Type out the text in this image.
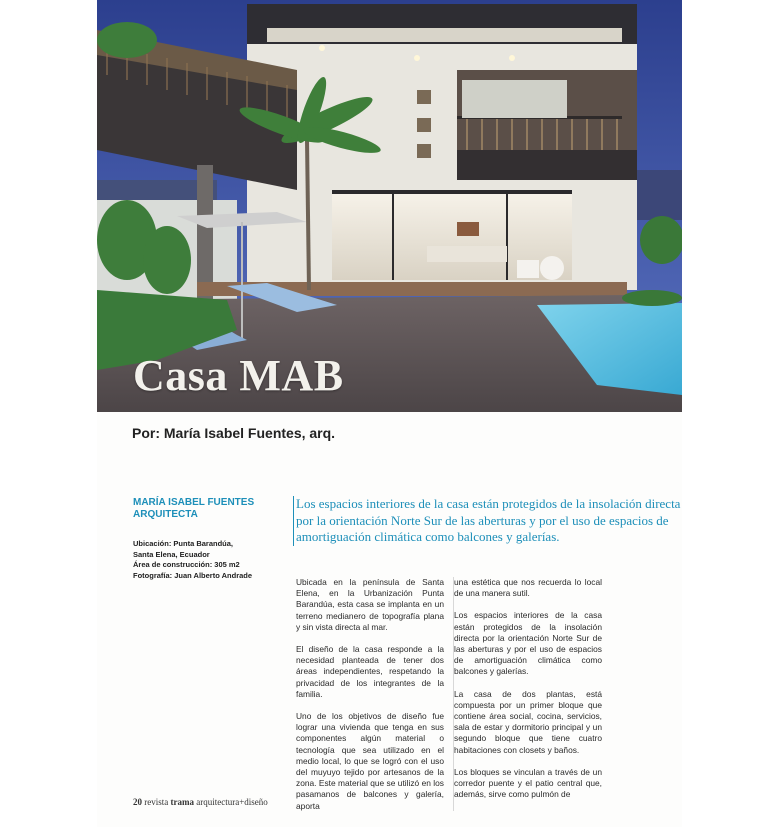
Casa MAB
Por: María Isabel Fuentes, arq.
MARÍA ISABEL FUENTES
ARQUITECTA
Ubicación: Punta Barandúa,
Santa Elena, Ecuador
Área de construcción: 305 m2
Fotografía: Juan Alberto Andrade
Los espacios interiores de la casa están protegidos de la insolación directa
por la orientación Norte Sur de las aberturas y por el uso de espacios de
amortiguación climática como balcones y galerías.

Ubicada en la península de Santa Elena, en la Urbanización Punta Barandúa, esta casa se implanta en un terreno medianero de topografía plana y sin vista directa al mar.

El diseño de la casa responde a la necesidad planteada de tener dos áreas independientes, respetando la privacidad de los integrantes de la familia.

Uno de los objetivos de diseño fue lograr una vivienda que tenga en sus componentes algún material o tecnología que sea utilizado en el medio local, lo que se logró con el uso del muyuyo tejido por artesanos de la zona. Este material que se utilizó en los pasamanos de balcones y galería, aporta

una estética que nos recuerda lo local de una manera sutil.

Los espacios interiores de la casa están protegidos de la insolación directa por la orientación Norte Sur de las aberturas y por el uso de espacios de amortiguación climática como balcones y galerías.

La casa de dos plantas, está compuesta por un primer bloque que contiene área social, cocina, servicios, sala de estar y dormitorio principal y un segundo bloque que tiene cuatro habitaciones con closets y baños.

Los bloques se vinculan a través de un corredor puente y el patio central que, además, sirve como pulmón de

20 revista trama arquitectura+diseño
